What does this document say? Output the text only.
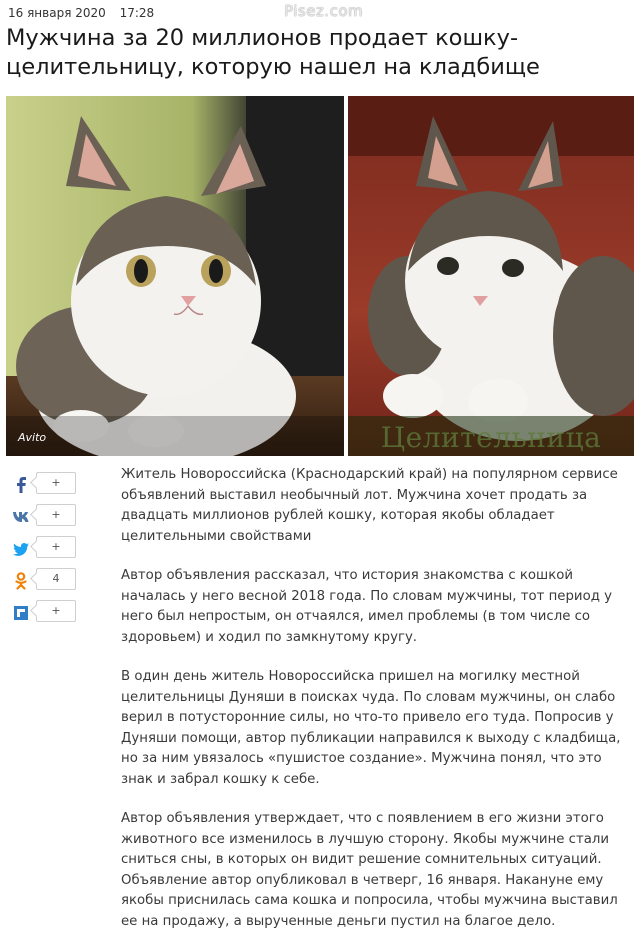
16 января 2020 17:28	Pisez.com
Мужчина за 20 миллионов продает кошку-целительницу, которую нашел на кладбище
Avito	Целительница
+
+
+
4
+

Житель Новороссийска (Краснодарский край) на популярном сервисе объявлений выставил необычный лот. Мужчина хочет продать за двадцать миллионов рублей кошку, которая якобы обладает целительными свойствами

Автор объявления рассказал, что история знакомства с кошкой началась у него весной 2018 года. По словам мужчины, тот период у него был непростым, он отчаялся, имел проблемы (в том числе со здоровьем) и ходил по замкнутому кругу.

В один день житель Новороссийска пришел на могилку местной целительницы Дуняши в поисках чуда. По словам мужчины, он слабо верил в потусторонние силы, но что-то привело его туда. Попросив у Дуняши помощи, автор публикации направился к выходу с кладбища, но за ним увязалось «пушистое создание». Мужчина понял, что это знак и забрал кошку к себе.

Автор объявления утверждает, что с появлением в его жизни этого животного все изменилось в лучшую сторону. Якобы мужчине стали сниться сны, в которых он видит решение сомнительных ситуаций. Объявление автор опубликовал в четверг, 16 января. Накануне ему якобы приснилась сама кошка и попросила, чтобы мужчина выставил ее на продажу, а вырученные деньги пустил на благое дело.
